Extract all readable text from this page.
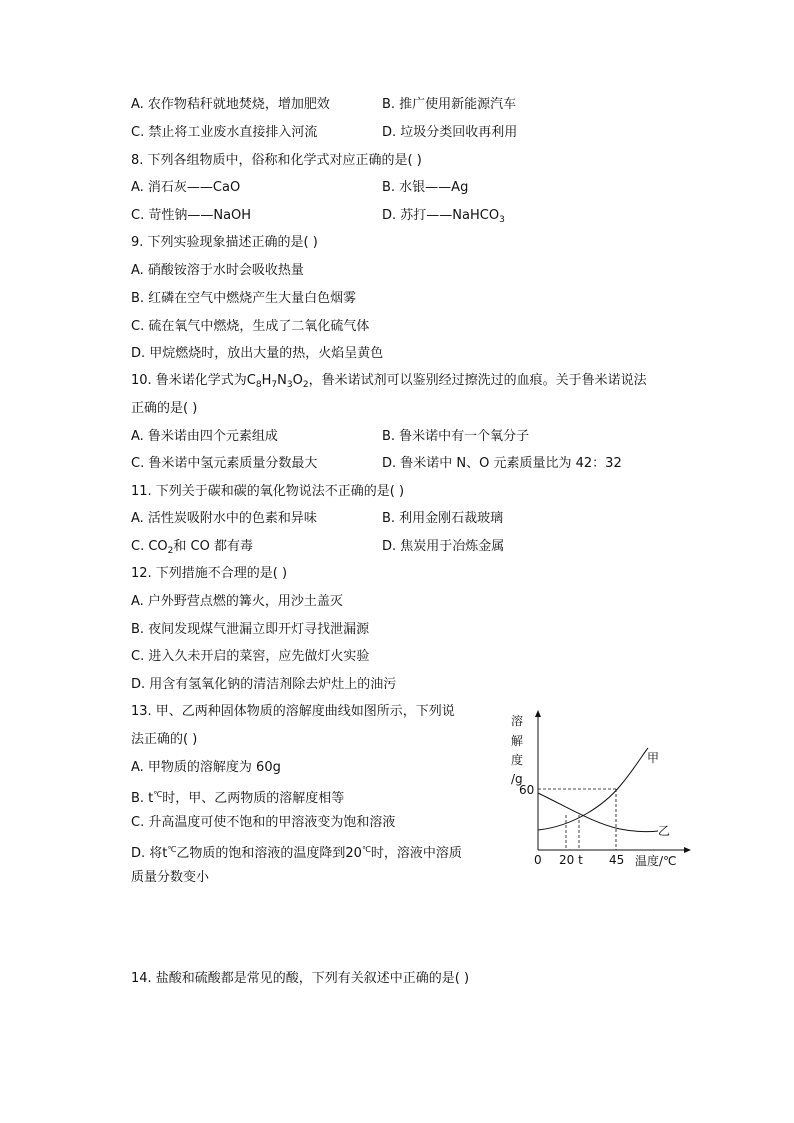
A. 农作物秸秆就地焚烧，增加肥效	B. 推广使用新能源汽车
C. 禁止将工业废水直接排入河流	D. 垃圾分类回收再利用
8. 下列各组物质中，俗称和化学式对应正确的是( )
A. 消石灰——CaO	B. 水银——Ag
C. 苛性钠——NaOH	D. 苏打——NaHCO$_3$
9. 下列实验现象描述正确的是( )
A. 硝酸铵溶于水时会吸收热量
B. 红磷在空气中燃烧产生大量白色烟雾
C. 硫在氧气中燃烧，生成了二氧化硫气体
D. 甲烷燃烧时，放出大量的热，火焰呈黄色
10. 鲁米诺化学式为$C_8H_7N_3O_2$，鲁米诺试剂可以鉴别经过擦洗过的血痕。关于鲁米诺说法
正确的是( )
A. 鲁米诺由四个元素组成	B. 鲁米诺中有一个氧分子
C. 鲁米诺中氢元素质量分数最大	D. 鲁米诺中 N、O 元素质量比为 42：32
11. 下列关于碳和碳的氧化物说法不正确的是( )
A. 活性炭吸附水中的色素和异味	B. 利用金刚石裁玻璃
C. $CO_2$和 CO 都有毒	D. 焦炭用于冶炼金属
12. 下列措施不合理的是( )
A. 户外野营点燃的篝火，用沙土盖灭
B. 夜间发现煤气泄漏立即开灯寻找泄漏源
C. 进入久未开启的菜窖，应先做灯火实验
D. 用含有氢氧化钠的清洁剂除去炉灶上的油污
13. 甲、乙两种固体物质的溶解度曲线如图所示，下列说
法正确的( )
A. 甲物质的溶解度为 60g
B. t℃时，甲、乙两物质的溶解度相等
C. 升高温度可使不饱和的甲溶液变为饱和溶液
D. 将t℃乙物质的饱和溶液的温度降到20℃时，溶液中溶质
质量分数变小
溶
解
度
/g
60
甲
乙
0 20 t 45 温度/℃
14. 盐酸和硫酸都是常见的酸，下列有关叙述中正确的是( )
